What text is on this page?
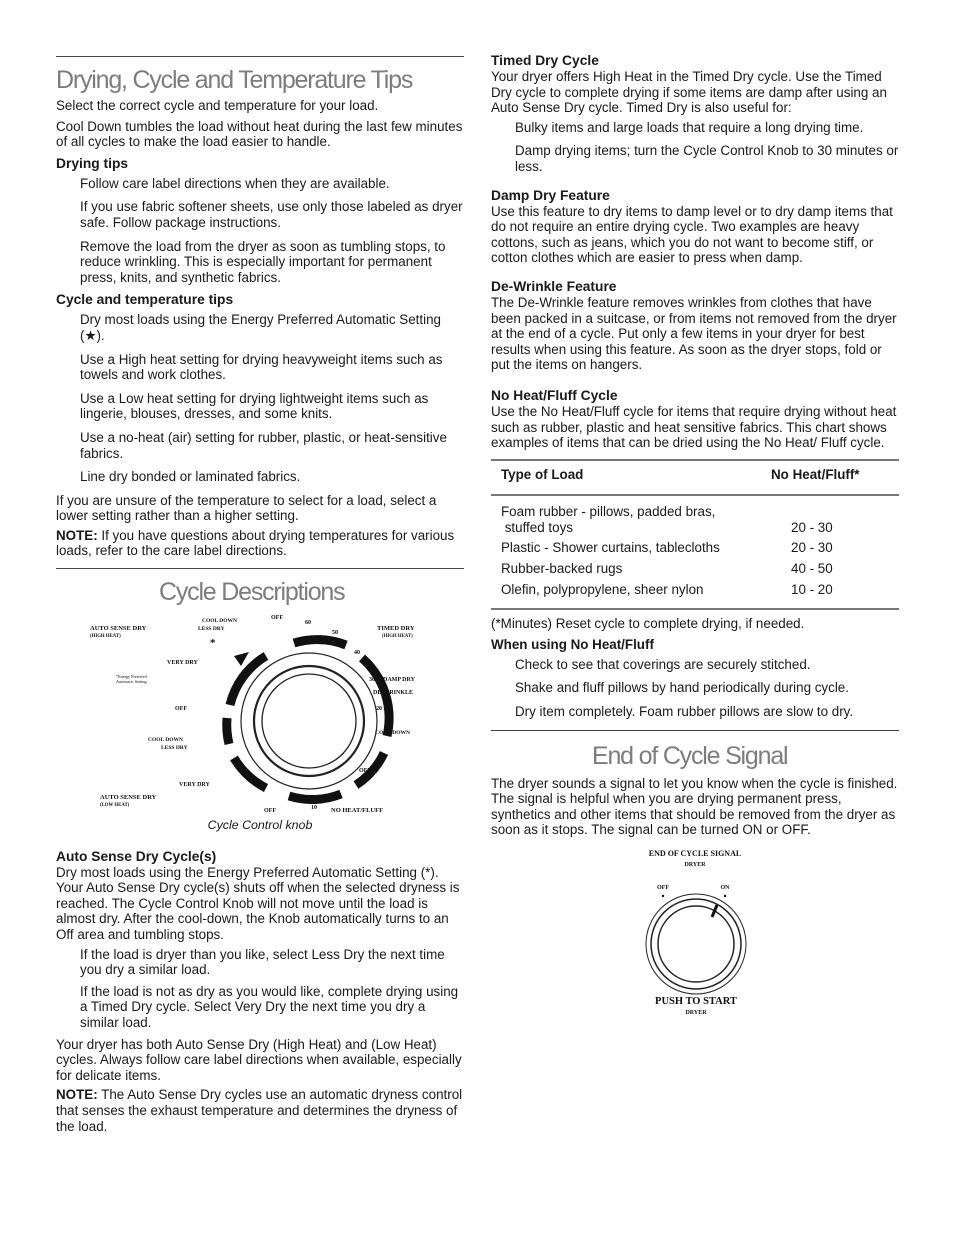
Drying, Cycle and Temperature Tips

Select the correct cycle and temperature for your load.

Cool Down tumbles the load without heat during the last few minutes of all cycles to make the load easier to handle.

Drying tips

Follow care label directions when they are available.

If you use fabric softener sheets, use only those labeled as dryer safe. Follow package instructions.

Remove the load from the dryer as soon as tumbling stops, to reduce wrinkling. This is especially important for permanent press, knits, and synthetic fabrics.

Cycle and temperature tips

Dry most loads using the Energy Preferred Automatic Setting (★).

Use a High heat setting for drying heavyweight items such as towels and work clothes.

Use a Low heat setting for drying lightweight items such as lingerie, blouses, dresses, and some knits.

Use a no-heat (air) setting for rubber, plastic, or heat-sensitive fabrics.

Line dry bonded or laminated fabrics.

If you are unsure of the temperature to select for a load, select a lower setting rather than a higher setting.

NOTE: If you have questions about drying temperatures for various loads, refer to the care label directions.

Cycle Descriptions
AUTO SENSE DRY
(HIGH HEAT)
*Energy Preferred
Automatic Setting
VERY DRY
OFF
COOL DOWN
LESS DRY
*
COOL DOWN
LESS DRY
VERY DRY
AUTO SENSE DRY
(LOW HEAT)
OFF
60
50
40
30 DAMP DRY
DE-WRINKLE
20
COOL DOWN
OFF
20
10
OFF	NO HEAT/FLUFF
TIMED DRY
(HIGH HEAT)

Cycle Control knob

Auto Sense Dry Cycle(s)

Dry most loads using the Energy Preferred Automatic Setting (*). Your Auto Sense Dry cycle(s) shuts off when the selected dryness is reached. The Cycle Control Knob will not move until the load is almost dry. After the cool-down, the Knob automatically turns to an Off area and tumbling stops.

If the load is dryer than you like, select Less Dry the next time you dry a similar load.

If the load is not as dry as you would like, complete drying using a Timed Dry cycle. Select Very Dry the next time you dry a similar load.

Your dryer has both Auto Sense Dry (High Heat) and (Low Heat) cycles. Always follow care label directions when available, especially for delicate items.

NOTE: The Auto Sense Dry cycles use an automatic dryness control that senses the exhaust temperature and determines the dryness of the load.

Timed Dry Cycle

Your dryer offers High Heat in the Timed Dry cycle. Use the Timed Dry cycle to complete drying if some items are damp after using an Auto Sense Dry cycle. Timed Dry is also useful for:

Bulky items and large loads that require a long drying time.

Damp drying items; turn the Cycle Control Knob to 30 minutes or less.

Damp Dry Feature

Use this feature to dry items to damp level or to dry damp items that do not require an entire drying cycle. Two examples are heavy cottons, such as jeans, which you do not want to become stiff, or cotton clothes which are easier to press when damp.

De-Wrinkle Feature

The De-Wrinkle feature removes wrinkles from clothes that have been packed in a suitcase, or from items not removed from the dryer at the end of a cycle. Put only a few items in your dryer for best results when using this feature. As soon as the dryer stops, fold or put the items on hangers.

No Heat/Fluff Cycle

Use the No Heat/Fluff cycle for items that require drying without heat such as rubber, plastic and heat sensitive fabrics. This chart shows examples of items that can be dried using the No Heat/ Fluff cycle.

Type of Load	No Heat/Fluff*
Foam rubber - pillows, padded bras,
stuffed toys	20 - 30
Plastic - Shower curtains, tablecloths	20 - 30
Rubber-backed rugs	40 - 50
Olefin, polypropylene, sheer nylon	10 - 20

(*Minutes) Reset cycle to complete drying, if needed.

When using No Heat/Fluff

Check to see that coverings are securely stitched.

Shake and fluff pillows by hand periodically during cycle.

Dry item completely. Foam rubber pillows are slow to dry.

End of Cycle Signal

The dryer sounds a signal to let you know when the cycle is finished. The signal is helpful when you are drying permanent press, synthetics and other items that should be removed from the dryer as soon as it stops. The signal can be turned ON or OFF.

END OF CYCLE SIGNAL
DRYER
OFF	ON
PUSH TO START
DRYER
